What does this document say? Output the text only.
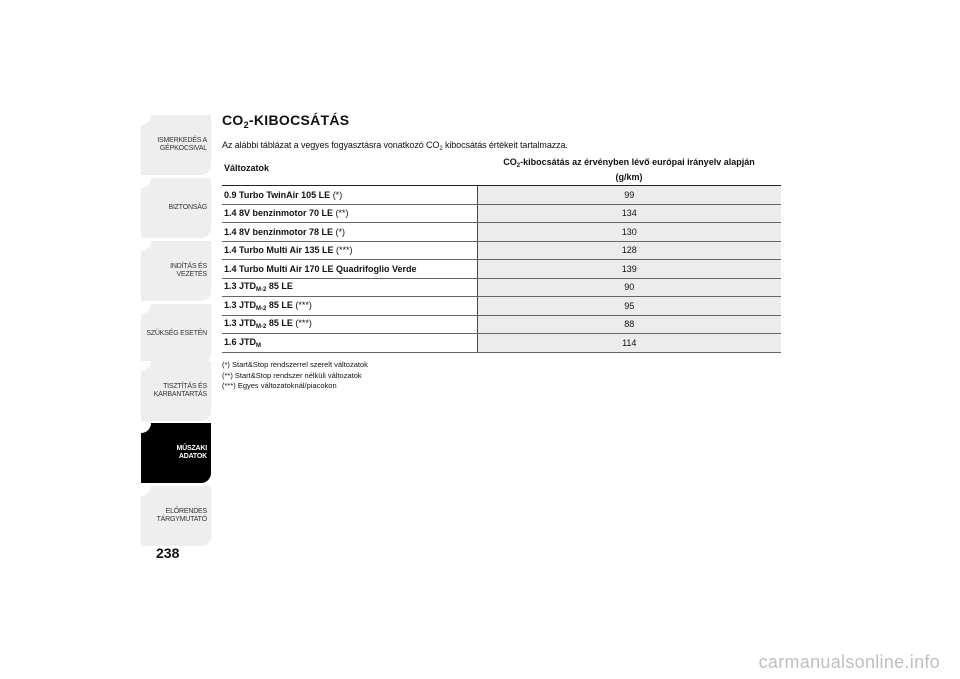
ISMERKEDÉS A
GÉPKOCSIVAL
BIZTONSÁG
INDÍTÁS ÉS VEZETÉS
SZÜKSÉG ESETÉN
TISZTÍTÁS ÉS
KARBANTARTÁS
MŰSZAKI
ADATOK
ELŐRENDES
TÁRGYMUTATÓ
238
$CO_2$-KIBOCSÁTÁS
Az alábbi táblázat a vegyes fogyasztásra vonatkozó $CO_2$ kibocsátás értékeit tartalmazza.
Változatok	$CO_2$-kibocsátás az érvényben lévő európai irányelv alapján
(g/km)
0.9 Turbo TwinAir 105 LE (*)	99
1.4 8V benzinmotor 70 LE (**)	134
1.4 8V benzinmotor 78 LE (*)	130
1.4 Turbo Multi Air 135 LE (***)	128
1.4 Turbo Multi Air 170 LE Quadrifoglio Verde	139
1.3 $JTD_{M-2}$ 85 LE	90
1.3 $JTD_{M-2}$ 85 LE (***)	95
1.3 $JTD_{M-2}$ 85 LE (***)	88
1.6 $JTD_M$	114
(*) Start&Stop rendszerrel szerelt változatok
(**) Start&Stop rendszer nélküli változatok
(***) Egyes változatoknál/piacokon
carmanualsonline.info
